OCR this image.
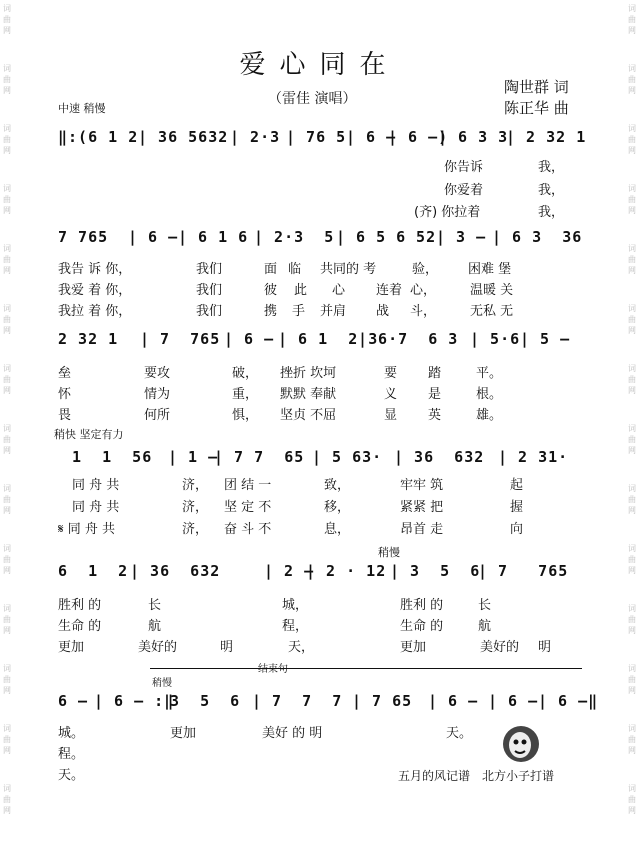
词
曲
网
词
曲
网
词
曲
网
词
曲
网
词
曲
网
词
曲
网
词
曲
网
词
曲
网
词
曲
网
词
曲
网
词
曲
网
词
曲
网
词
曲
网
词
曲
网
词
曲
网
词
曲
网
词
曲
网
词
曲
网
词
曲
网
词
曲
网
词
曲
网
词
曲
网
词
曲
网
词
曲
网
词
曲
网
词
曲
网
词
曲
网
词
曲
网
爱心同在
（雷佳 演唱）
陶世群 词
陈正华 曲
中速 稍慢

‖:(6 1 2

| 36 5632

| 2·3

| 76 5

| 6 –

| 6 –)

| 6 3 3

| 2 32 1

你告诉

	我，

你爱着

	我，

(齐) 你拉着

	我，

7 765

| 6 –

| 6 1 6

| 2·3  5

| 6 5 6

52

| 3 –

| 6 3  36

我告 诉 你，

	我们

	面

临

共同的 考

	验，

困难 堡

我爱 着 你，

	我们

	彼

此

心

连着

心，

	温暖 关

我拉 着 你，

	我们

	携

手

并肩

战

斗，

	无私 无

2 32 1

| 7  765

| 6 –

| 6 1  2 3

| 6·7  6 3

| 5·6

| 5 –

垒

	要攻

	破，

挫折 坎坷

	要

踏

	平。

怀

	情为

	重，

默默 奉献

	义

是

	根。

畏

	何所

	惧，

坚贞 不屈

	显

英

	雄。

稍快 坚定有力

1  1  56

| 1 –

| 7 7  65

| 5 63·

| 36  632

| 2 31·

同 舟 共

	济，

团 结 一

	致，

	牢牢 筑

	起

同 舟 共

	济，

坚 定 不

	移，

	紧紧 把

	握

𝄋 同 舟 共

	济，

奋 斗 不

	息，

	昂首 走

	向

稍慢

6  1  2

| 36  632

	| 2 –

| 2 · 12

| 3  5  6

| 7   765

胜利 的

	长

	城，

	胜利 的

	长

生命 的

	航

	程，

	生命 的

	航

更加

	美好的

	明

	天，

	更加

	美好的

明

结束句
稍慢

6 –

| 6 – :‖

3  5  6

| 7  7  7

| 7 65

| 6 –

| 6 –

| 6 –‖

城。

	更加

	美好 的 明

	天。

程。

天。	五月的风记谱 北方小子打谱
